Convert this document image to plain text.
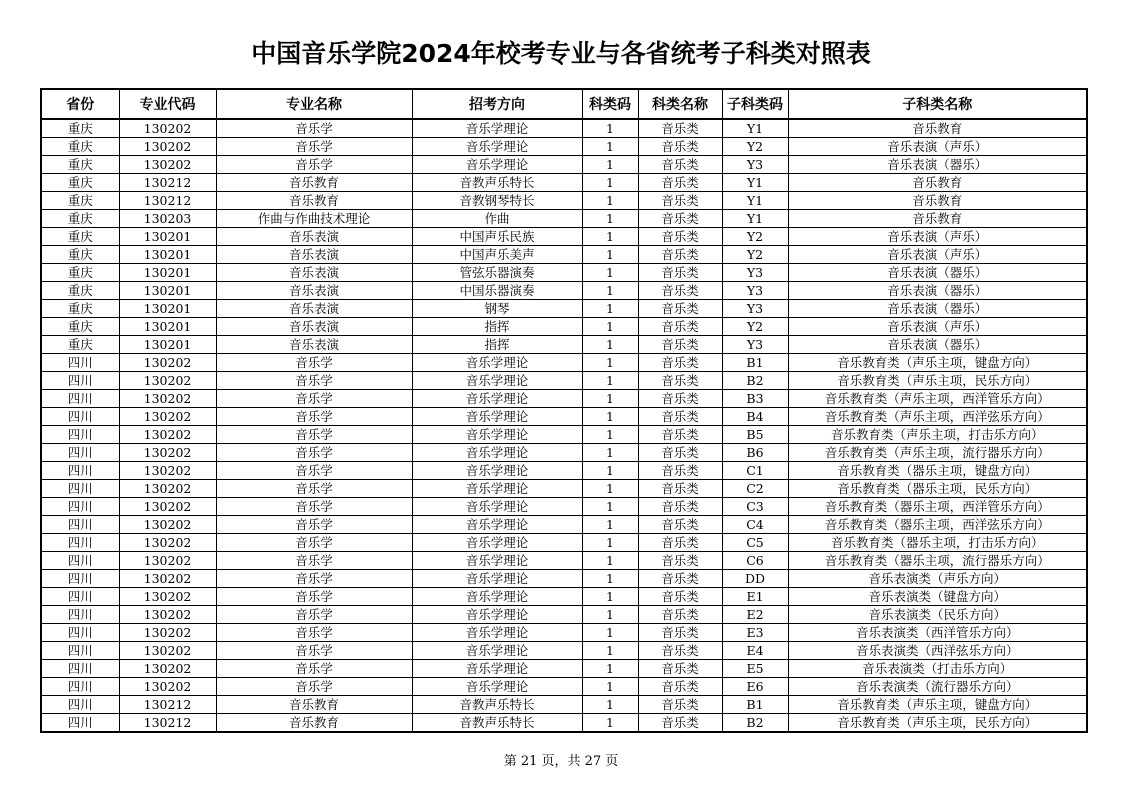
中国音乐学院2024年校考专业与各省统考子科类对照表
省份	专业代码	专业名称	招考方向	科类码	科类名称	子科类码	子科类名称
重庆	130202	音乐学	音乐学理论	1	音乐类	Y1	音乐教育
重庆	130202	音乐学	音乐学理论	1	音乐类	Y2	音乐表演（声乐）
重庆	130202	音乐学	音乐学理论	1	音乐类	Y3	音乐表演（器乐）
重庆	130212	音乐教育	音教声乐特长	1	音乐类	Y1	音乐教育
重庆	130212	音乐教育	音教钢琴特长	1	音乐类	Y1	音乐教育
重庆	130203	作曲与作曲技术理论	作曲	1	音乐类	Y1	音乐教育
重庆	130201	音乐表演	中国声乐民族	1	音乐类	Y2	音乐表演（声乐）
重庆	130201	音乐表演	中国声乐美声	1	音乐类	Y2	音乐表演（声乐）
重庆	130201	音乐表演	管弦乐器演奏	1	音乐类	Y3	音乐表演（器乐）
重庆	130201	音乐表演	中国乐器演奏	1	音乐类	Y3	音乐表演（器乐）
重庆	130201	音乐表演	钢琴	1	音乐类	Y3	音乐表演（器乐）
重庆	130201	音乐表演	指挥	1	音乐类	Y2	音乐表演（声乐）
重庆	130201	音乐表演	指挥	1	音乐类	Y3	音乐表演（器乐）
四川	130202	音乐学	音乐学理论	1	音乐类	B1	音乐教育类（声乐主项，键盘方向）
四川	130202	音乐学	音乐学理论	1	音乐类	B2	音乐教育类（声乐主项，民乐方向）
四川	130202	音乐学	音乐学理论	1	音乐类	B3	音乐教育类（声乐主项，西洋管乐方向）
四川	130202	音乐学	音乐学理论	1	音乐类	B4	音乐教育类（声乐主项，西洋弦乐方向）
四川	130202	音乐学	音乐学理论	1	音乐类	B5	音乐教育类（声乐主项，打击乐方向）
四川	130202	音乐学	音乐学理论	1	音乐类	B6	音乐教育类（声乐主项，流行器乐方向）
四川	130202	音乐学	音乐学理论	1	音乐类	C1	音乐教育类（器乐主项，键盘方向）
四川	130202	音乐学	音乐学理论	1	音乐类	C2	音乐教育类（器乐主项，民乐方向）
四川	130202	音乐学	音乐学理论	1	音乐类	C3	音乐教育类（器乐主项，西洋管乐方向）
四川	130202	音乐学	音乐学理论	1	音乐类	C4	音乐教育类（器乐主项，西洋弦乐方向）
四川	130202	音乐学	音乐学理论	1	音乐类	C5	音乐教育类（器乐主项，打击乐方向）
四川	130202	音乐学	音乐学理论	1	音乐类	C6	音乐教育类（器乐主项，流行器乐方向）
四川	130202	音乐学	音乐学理论	1	音乐类	DD	音乐表演类（声乐方向）
四川	130202	音乐学	音乐学理论	1	音乐类	E1	音乐表演类（键盘方向）
四川	130202	音乐学	音乐学理论	1	音乐类	E2	音乐表演类（民乐方向）
四川	130202	音乐学	音乐学理论	1	音乐类	E3	音乐表演类（西洋管乐方向）
四川	130202	音乐学	音乐学理论	1	音乐类	E4	音乐表演类（西洋弦乐方向）
四川	130202	音乐学	音乐学理论	1	音乐类	E5	音乐表演类（打击乐方向）
四川	130202	音乐学	音乐学理论	1	音乐类	E6	音乐表演类（流行器乐方向）
四川	130212	音乐教育	音教声乐特长	1	音乐类	B1	音乐教育类（声乐主项，键盘方向）
四川	130212	音乐教育	音教声乐特长	1	音乐类	B2	音乐教育类（声乐主项，民乐方向）
第 21 页，共 27 页
